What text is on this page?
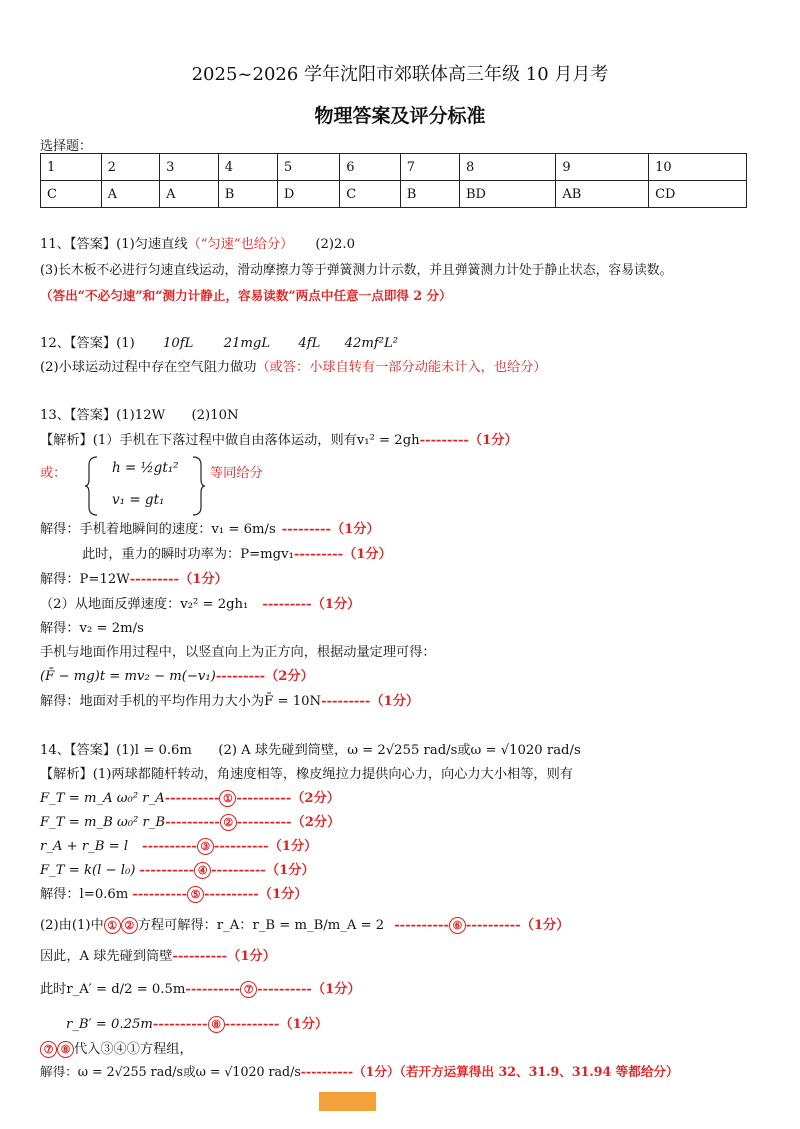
2025~2026 学年沈阳市郊联体高三年级 10 月月考
物理答案及评分标准
选择题：
1	2	3	4	5	6	7	8	9	10
C	A	A	B	D	C	B	BD	AB	CD
11、【答案】(1)匀速直线（“匀速”也给分） (2)2.0
(3)长木板不必进行匀速直线运动，滑动摩擦力等于弹簧测力计示数，并且弹簧测力计处于静止状态，容易读数。
（答出“不必匀速”和“测力计静止，容易读数”两点中任意一点即得 2 分）
12、【答案】(1) 10fL 21mgL 4fL 42mf²L²
(2)小球运动过程中存在空气阻力做功（或答：小球自转有一部分动能未计入，也给分）
13、【答案】(1)12W　　(2)10N
【解析】(1）手机在下落过程中做自由落体运动，则有v₁² = 2gh---------（1分）
或：	h = ½gt₁²
v₁ = gt₁
等同给分
解得：手机着地瞬间的速度：v₁ = 6m/s ---------（1分）
此时，重力的瞬时功率为：P=mgv₁---------（1分）
解得：P=12W---------（1分）
（2）从地面反弹速度：v₂² = 2gh₁ ---------（1分）
解得：v₂ = 2m/s
手机与地面作用过程中，以竖直向上为正方向，根据动量定理可得：
(F̄ − mg)t = mv₂ − m(−v₁)---------（2分）
解得：地面对手机的平均作用力大小为F̄ = 10N---------（1分）
14、【答案】(1)l = 0.6m　　(2) A 球先碰到筒壁，ω = 2√255 rad/s或ω = √1020 rad/s
【解析】(1)两球都随杆转动，角速度相等，橡皮绳拉力提供向心力，向心力大小相等，则有
F_T = m_A ω₀² r_A---------- ① ----------（2分）
F_T = m_B ω₀² r_B---------- ② ----------（2分）
r_A + r_B = l ---------- ③ ----------（1分）
F_T = k(l − l₀) ---------- ④ ----------（1分）
解得：l=0.6m ---------- ⑤ ----------（1分）
(2)由(1)中 ① ② 方程可解得：r_A：r_B = m_B/m_A = 2 ---------- ⑥ ----------（1分）
因此，A 球先碰到筒壁----------（1分）
此时r_A′ = d/2 = 0.5m---------- ⑦ ----------（1分）
r_B′ = 0.25m---------- ⑧ ----------（1分）
⑦ ⑧ 代入③④①方程组，
解得：ω = 2√255 rad/s或ω = √1020 rad/s----------（1分）（若开方运算得出 32、31.9、31.94 等都给分）
